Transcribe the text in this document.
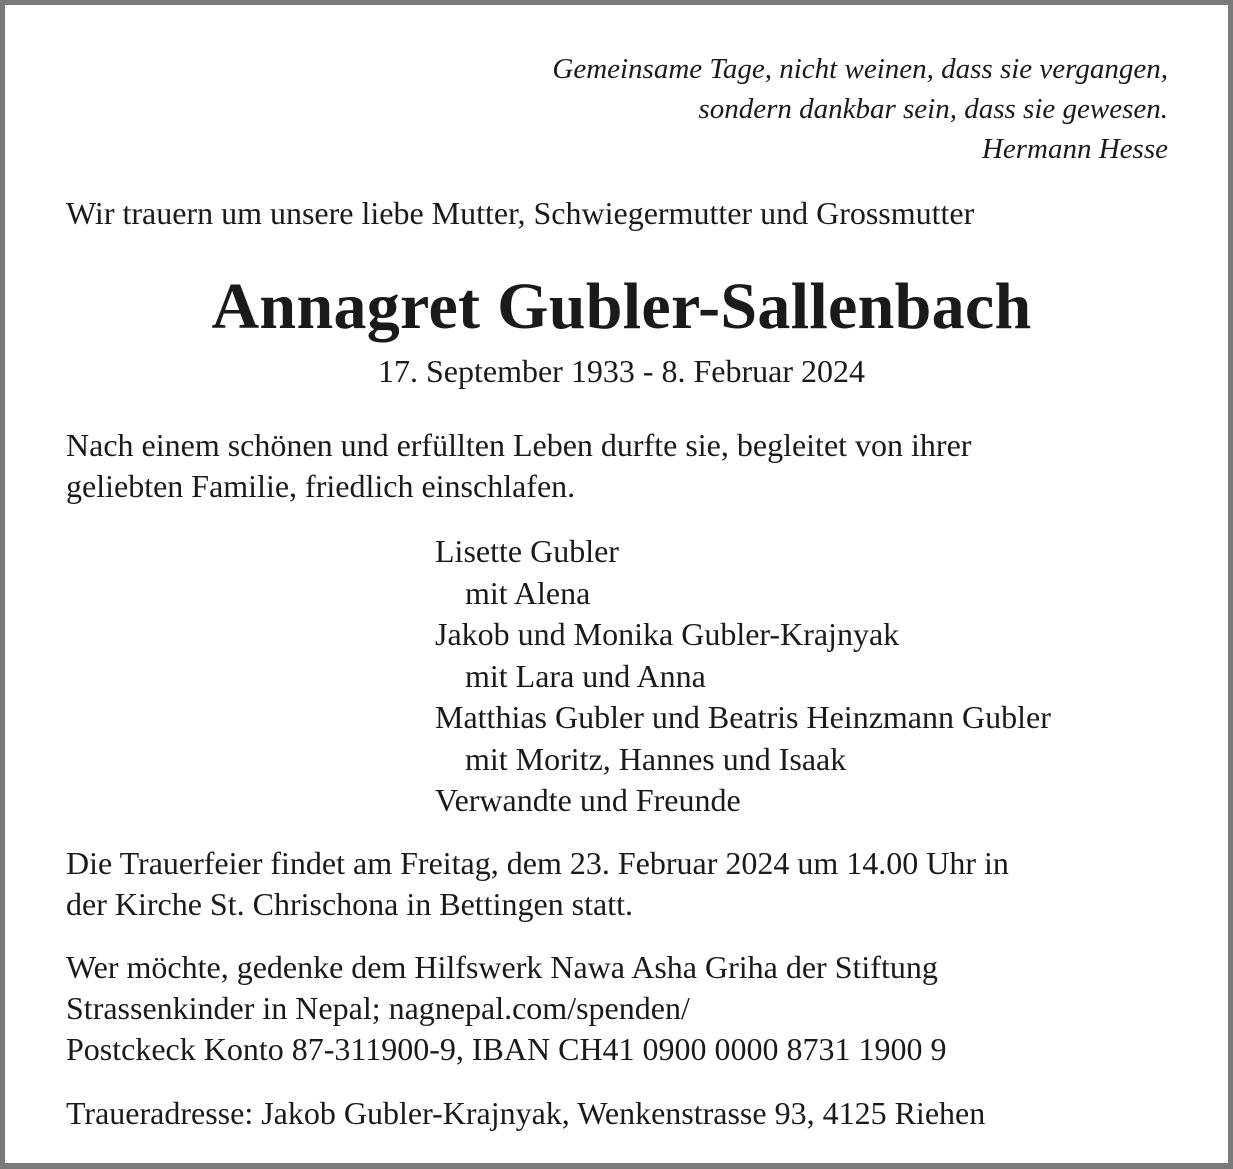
Gemeinsame Tage, nicht weinen, dass sie vergangen,
sondern dankbar sein, dass sie gewesen.
Hermann Hesse
Wir trauern um unsere liebe Mutter, Schwiegermutter und Grossmutter
Annagret Gubler-Sallenbach
17. September 1933 - 8. Februar 2024
Nach einem schönen und erfüllten Leben durfte sie, begleitet von ihrer
geliebten Familie, friedlich einschlafen.
Lisette Gubler
mit Alena
Jakob und Monika Gubler-Krajnyak
mit Lara und Anna
Matthias Gubler und Beatris Heinzmann Gubler
mit Moritz, Hannes und Isaak
Verwandte und Freunde
Die Trauerfeier findet am Freitag, dem 23. Februar 2024 um 14.00 Uhr in
der Kirche St. Chrischona in Bettingen statt.
Wer möchte, gedenke dem Hilfswerk Nawa Asha Griha der Stiftung
Strassenkinder in Nepal; nagnepal.com/spenden/
Postckeck Konto 87-311900-9, IBAN CH41 0900 0000 8731 1900 9
Traueradresse: Jakob Gubler-Krajnyak, Wenkenstrasse 93, 4125 Riehen
